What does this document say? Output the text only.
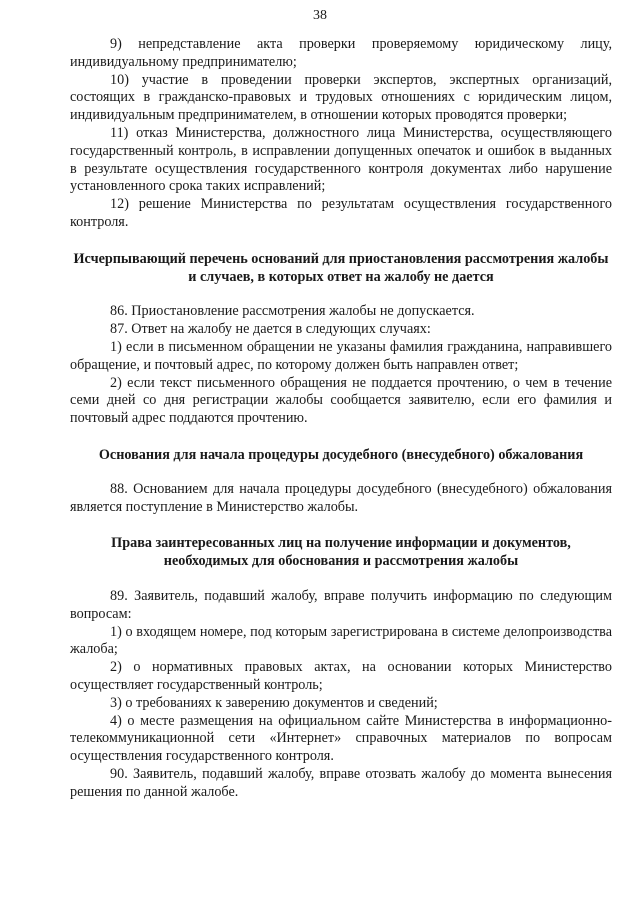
38

9) непредставление акта проверки проверяемому юридическому лицу, индивидуальному предпринимателю;

10) участие в проведении проверки экспертов, экспертных организаций, состоящих в гражданско-правовых и трудовых отношениях с юридическим лицом, индивидуальным предпринимателем, в отношении которых проводятся проверки;

11) отказ Министерства, должностного лица Министерства, осуществляющего государственный контроль, в исправлении допущенных опечаток и ошибок в выданных в результате осуществления государственного контроля документах либо нарушение установленного срока таких исправлений;

12) решение Министерства по результатам осуществления государственного контроля.

Исчерпывающий перечень оснований для приостановления рассмотрения жалобы и случаев, в которых ответ на жалобу не дается

86. Приостановление рассмотрения жалобы не допускается.

87. Ответ на жалобу не дается в следующих случаях:

1) если в письменном обращении не указаны фамилия гражданина, направившего обращение, и почтовый адрес, по которому должен быть направлен ответ;

2) если текст письменного обращения не поддается прочтению, о чем в течение семи дней со дня регистрации жалобы сообщается заявителю, если его фамилия и почтовый адрес поддаются прочтению.

Основания для начала процедуры досудебного (внесудебного) обжалования

88. Основанием для начала процедуры досудебного (внесудебного) обжалования является поступление в Министерство жалобы.

Права заинтересованных лиц на получение информации и документов, необходимых для обоснования и рассмотрения жалобы

89. Заявитель, подавший жалобу, вправе получить информацию по следующим вопросам:

1) о входящем номере, под которым зарегистрирована в системе делопроизводства жалоба;

2) о нормативных правовых актах, на основании которых Министерство осуществляет государственный контроль;

3) о требованиях к заверению документов и сведений;

4) о месте размещения на официальном сайте Министерства в информационно-телекоммуникационной сети «Интернет» справочных материалов по вопросам осуществления государственного контроля.

90. Заявитель, подавший жалобу, вправе отозвать жалобу до момента вынесения решения по данной жалобе.
